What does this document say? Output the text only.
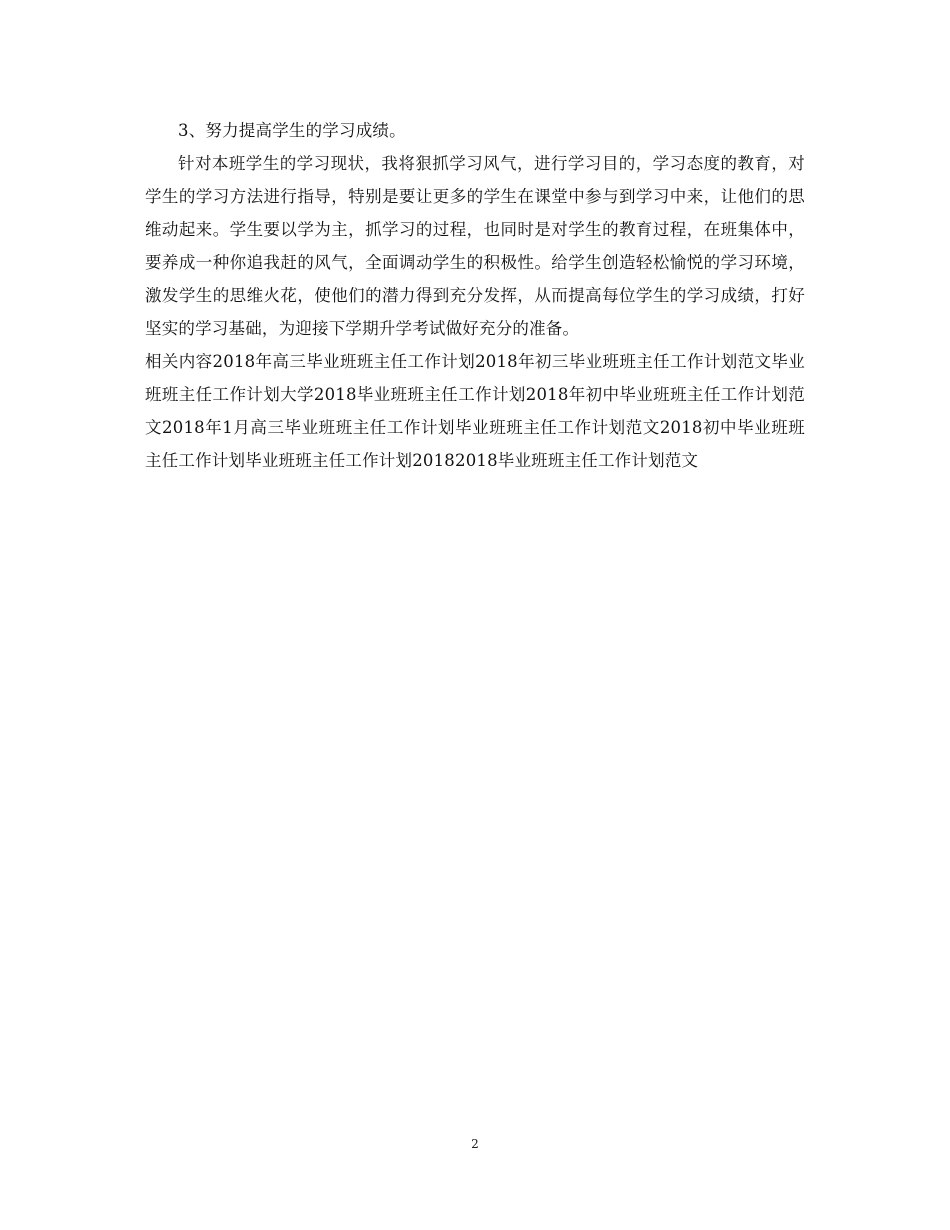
3、努力提高学生的学习成绩。

针对本班学生的学习现状，我将狠抓学习风气，进行学习目的，学习态度的教育，对学生的学习方法进行指导，特别是要让更多的学生在课堂中参与到学习中来，让他们的思维动起来。学生要以学为主，抓学习的过程，也同时是对学生的教育过程，在班集体中，要养成一种你追我赶的风气，全面调动学生的积极性。给学生创造轻松愉悦的学习环境，激发学生的思维火花，使他们的潜力得到充分发挥，从而提高每位学生的学习成绩，打好坚实的学习基础，为迎接下学期升学考试做好充分的准备。

相关内容2018年高三毕业班班主任工作计划2018年初三毕业班班主任工作计划范文毕业班班主任工作计划大学2018毕业班班主任工作计划2018年初中毕业班班主任工作计划范文2018年1月高三毕业班班主任工作计划毕业班班主任工作计划范文2018初中毕业班班主任工作计划毕业班班主任工作计划20182018毕业班班主任工作计划范文

2
